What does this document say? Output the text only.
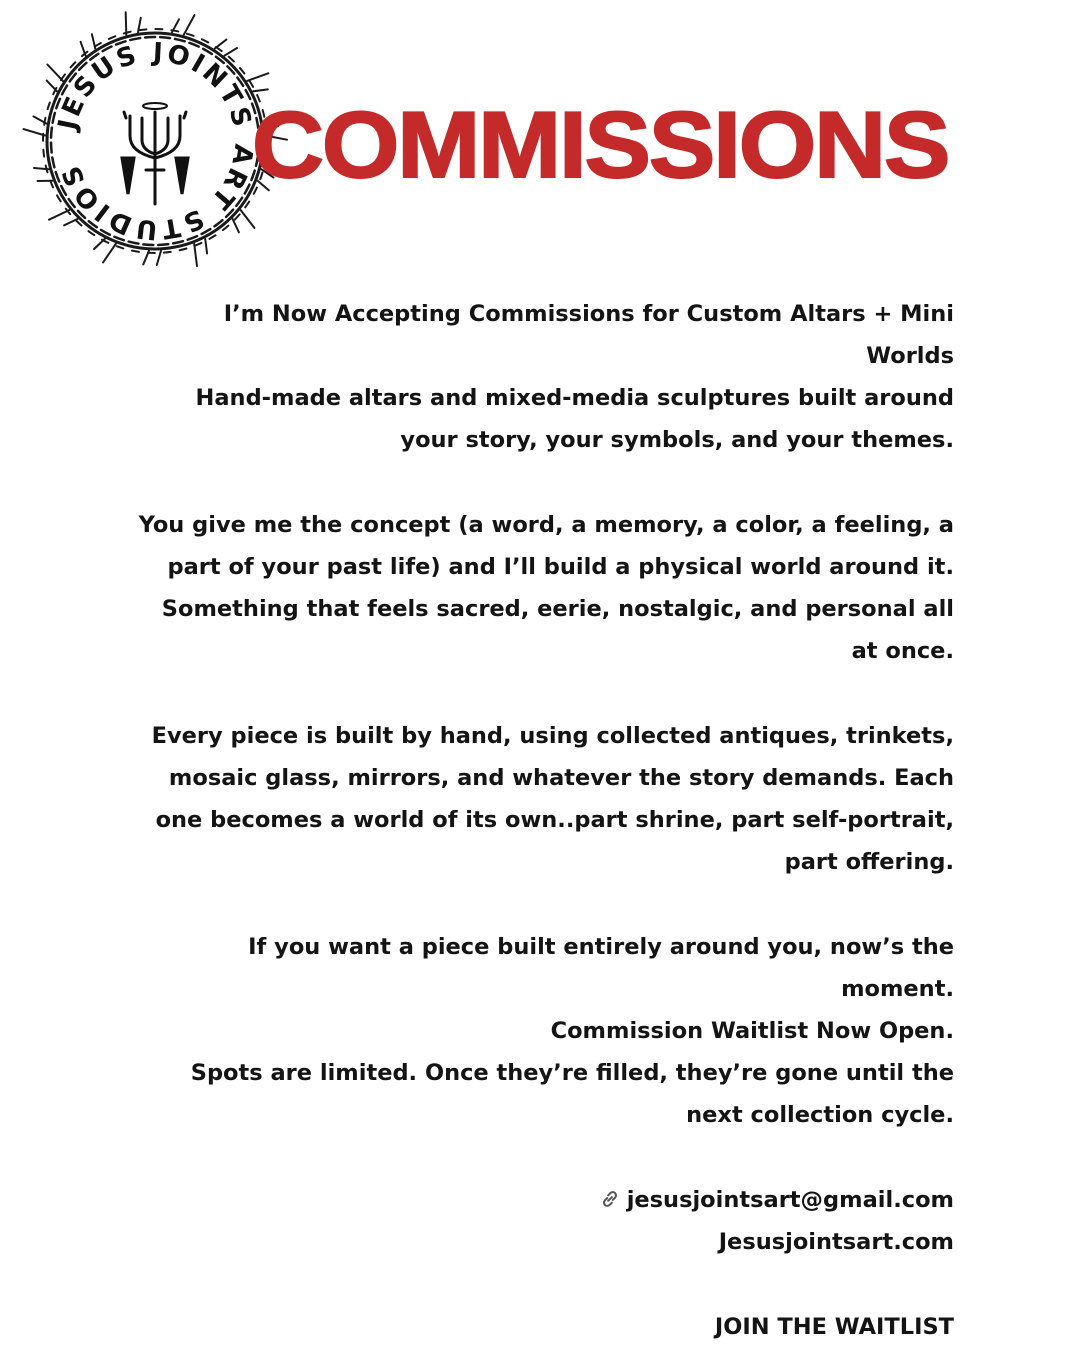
JESUS JOINTS ART STUDIOS	COMMISSIONS

I’m Now Accepting Commissions for Custom Altars + Mini Worlds

Hand-made altars and mixed-media sculptures built around your story, your symbols, and your themes.

You give me the concept (a word, a memory, a color, a feeling, a part of your past life) and I’ll build a physical world around it. Something that feels sacred, eerie, nostalgic, and personal all at once.

Every piece is built by hand, using collected antiques, trinkets, mosaic glass, mirrors, and whatever the story demands. Each one becomes a world of its own..part shrine, part self-portrait, part offering.

If you want a piece built entirely around you, now’s the moment.

Commission Waitlist Now Open.

Spots are limited. Once they’re filled, they’re gone until the next collection cycle.

jesusjointsart@gmail.com

Jesusjointsart.com

JOIN THE WAITLIST
